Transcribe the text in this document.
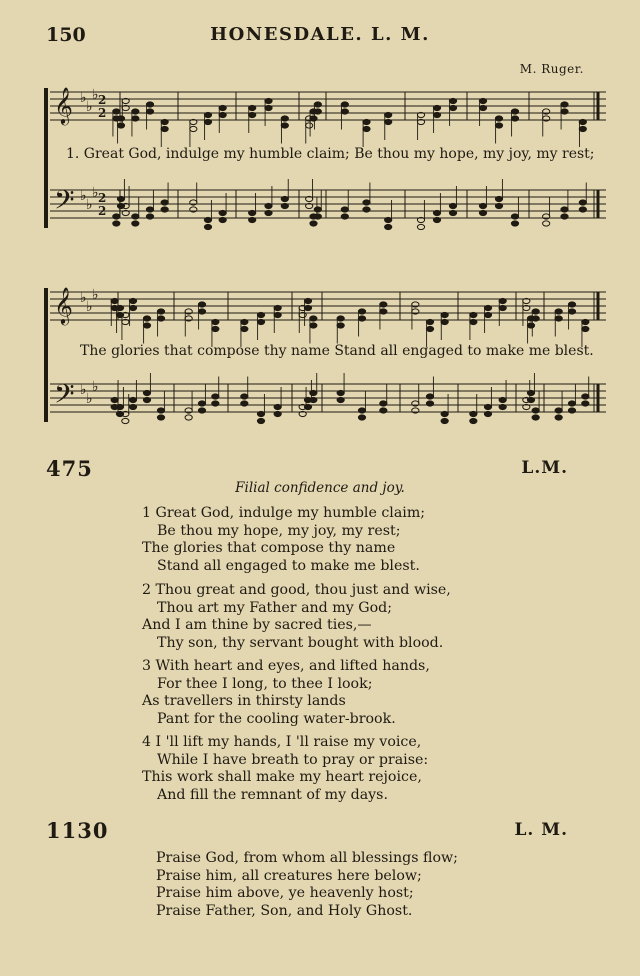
150	HONESDALE. L. M.
M. Ruger.
𝄞 ♭
♭
♭
2
2
𝄢 ♭
♭
♭
2
2
𝄞 ♭
♭
♭
𝄢 ♭
♭
♭
1. Great God, indulge my humble claim; Be thou my hope, my joy, my rest;
The glories that compose thy name Stand all engaged to make me blest.
475	L.M.
Filial confidence and joy.
1 Great God, indulge my humble claim;
Be thou my hope, my joy, my rest;
The glories that compose thy name
Stand all engaged to make me blest.
2 Thou great and good, thou just and wise,
Thou art my Father and my God;
And I am thine by sacred ties,—
Thy son, thy servant bought with blood.
3 With heart and eyes, and lifted hands,
For thee I long, to thee I look;
As travellers in thirsty lands
Pant for the cooling water-brook.
4 I 'll lift my hands, I 'll raise my voice,
While I have breath to pray or praise:
This work shall make my heart rejoice,
And fill the remnant of my days.
1130	L. M.
Praise God, from whom all blessings flow;
Praise him, all creatures here below;
Praise him above, ye heavenly host;
Praise Father, Son, and Holy Ghost.
